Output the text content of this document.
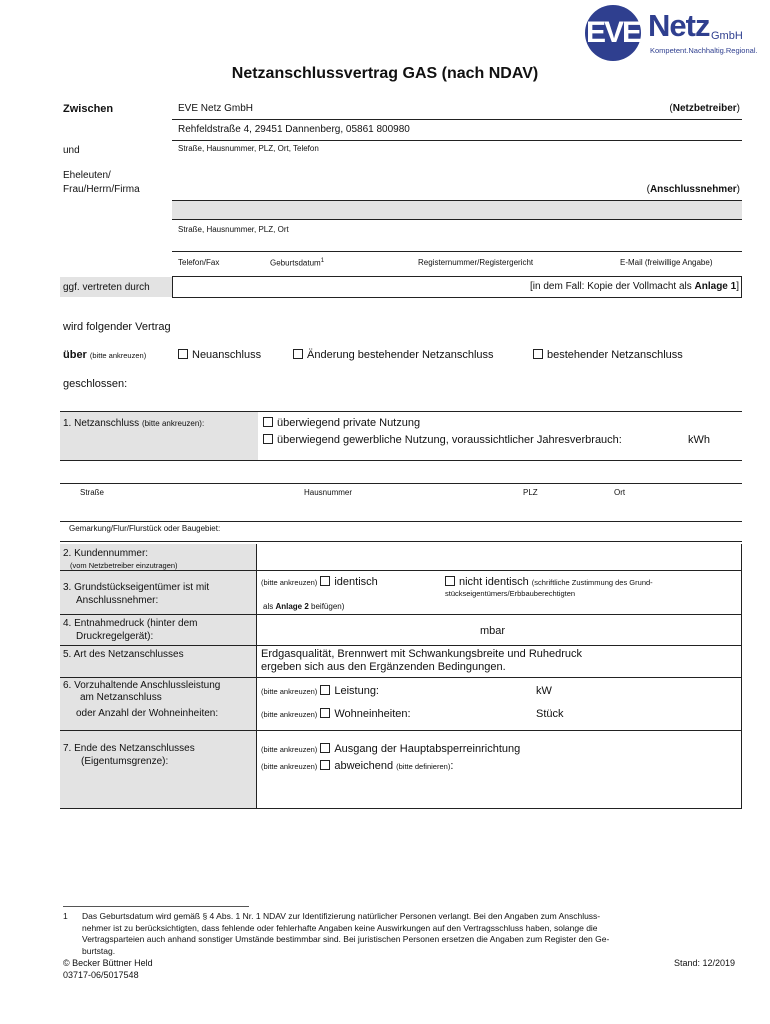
EVE Netz GmbH
Kompetent.Nachhaltig.Regional.
Netzanschlussvertrag GAS (nach NDAV)
Zwischen	EVE Netz GmbH	(Netzbetreiber)
Rehfeldstraße 4, 29451 Dannenberg, 05861 800980
und	Straße, Hausnummer, PLZ, Ort, Telefon
Eheleuten/
Frau/Herrn/Firma	(Anschlussnehmer)
Straße, Hausnummer, PLZ, Ort
Telefon/Fax	Geburtsdatum$^1$	Registernummer/Registergericht	E-Mail (freiwillige Angabe)
ggf. vertreten durch	[in dem Fall: Kopie der Vollmacht als Anlage 1]
wird folgender Vertrag
über (bitte ankreuzen)	Neuanschluss	Änderung bestehender Netzanschluss	bestehender Netzanschluss
geschlossen:
1. Netzanschluss (bitte ankreuzen):	überwiegend private Nutzung
überwiegend gewerbliche Nutzung, voraussichtlicher Jahresverbrauch:	kWh
Straße	Hausnummer	PLZ	Ort
Gemarkung/Flur/Flurstück oder Baugebiet:
2. Kundennummer:
(vom Netzbetreiber einzutragen)
3. Grundstückseigentümer ist mit
Anschlussnehmer:
(bitte ankreuzen) identisch	nicht identisch (schriftliche Zustimmung des Grund-
stückseigentümers/Erbbauberechtigten
als Anlage 2 beifügen)
4. Entnahmedruck (hinter dem
Druckregelgerät):	mbar
5. Art des Netzanschlusses	Erdgasqualität, Brennwert mit Schwankungsbreite und Ruhedruck
ergeben sich aus den Ergänzenden Bedingungen.
6. Vorzuhaltende Anschlussleistung
am Netzanschluss
oder Anzahl der Wohneinheiten:
(bitte ankreuzen) Leistung:	kW
(bitte ankreuzen) Wohneinheiten:	Stück
7. Ende des Netzanschlusses
(Eigentumsgrenze):
(bitte ankreuzen) Ausgang der Hauptabsperreinrichtung
(bitte ankreuzen) abweichend (bitte definieren):
1 Das Geburtsdatum wird gemäß § 4 Abs. 1 Nr. 1 NDAV zur Identifizierung natürlicher Personen verlangt. Bei den Angaben zum Anschluss-
nehmer ist zu berücksichtigten, dass fehlende oder fehlerhafte Angaben keine Auswirkungen auf den Vertragsschluss haben, solange die
Vertragsparteien auch anhand sonstiger Umstände bestimmbar sind. Bei juristischen Personen ersetzen die Angaben zum Register den Ge-
burtstag.
© Becker Büttner Held
03717-06/5017548
Stand: 12/2019
